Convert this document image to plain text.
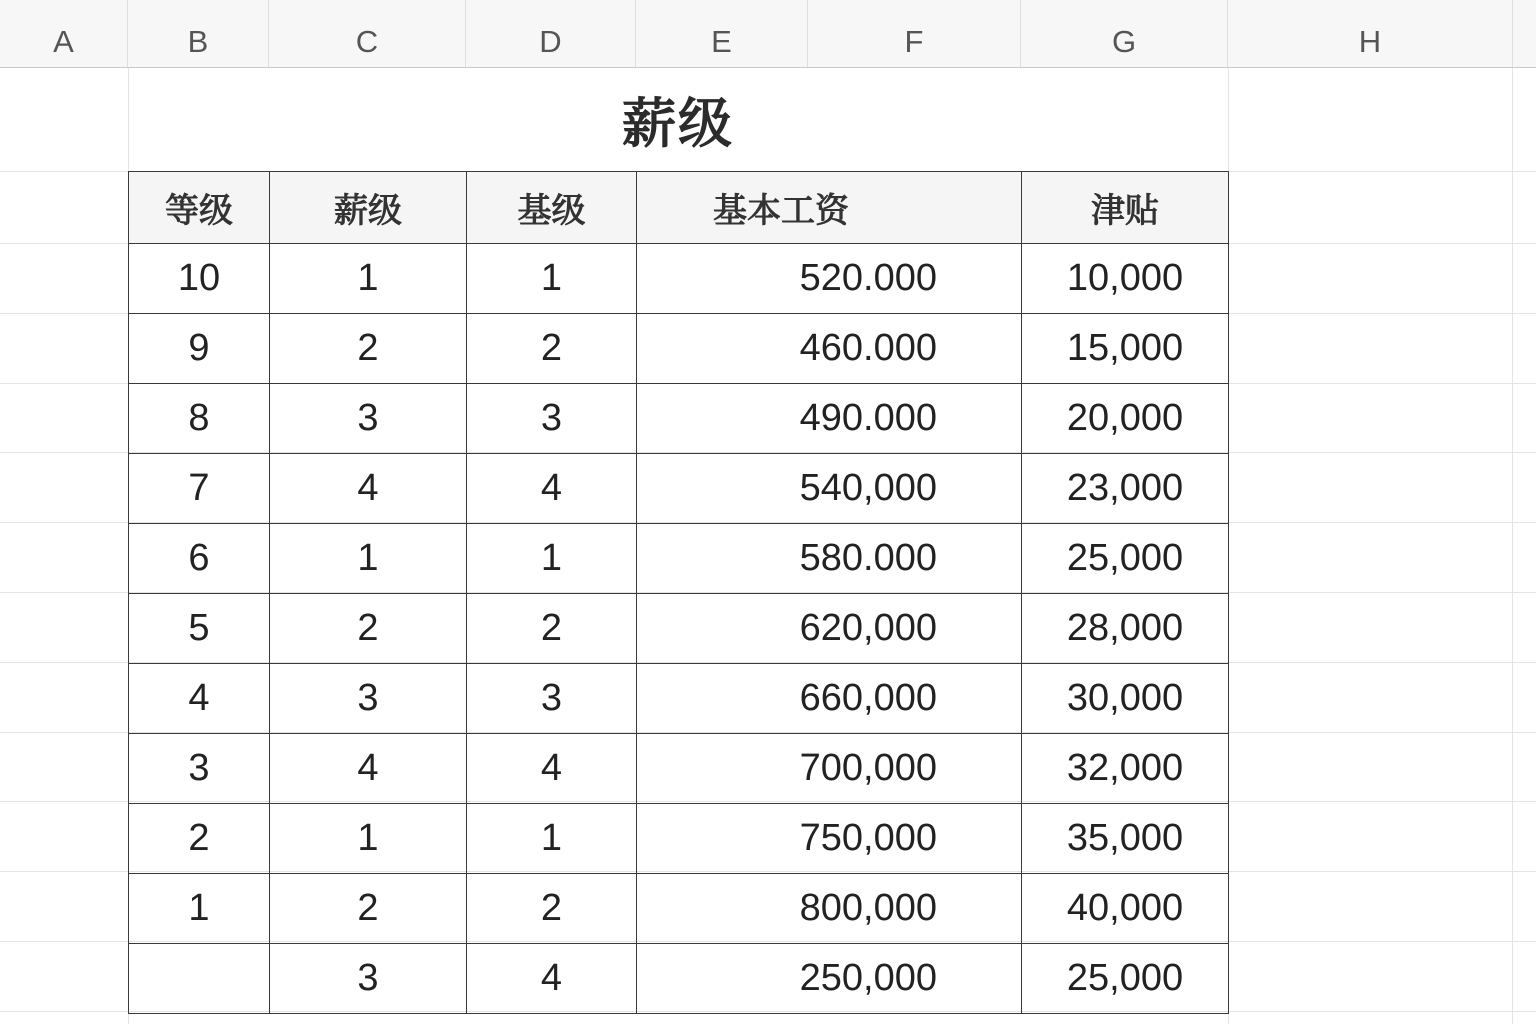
A	B	C	D	E	F	G	H
薪级
等级	薪级	基级	基本工资	津贴
10	1	1	520.000	10,000
9	2	2	460.000	15,000
8	3	3	490.000	20,000
7	4	4	540,000	23,000
6	1	1	580.000	25,000
5	2	2	620,000	28,000
4	3	3	660,000	30,000
3	4	4	700,000	32,000
2	1	1	750,000	35,000
1	2	2	800,000	40,000
	3	4	250,000	25,000
